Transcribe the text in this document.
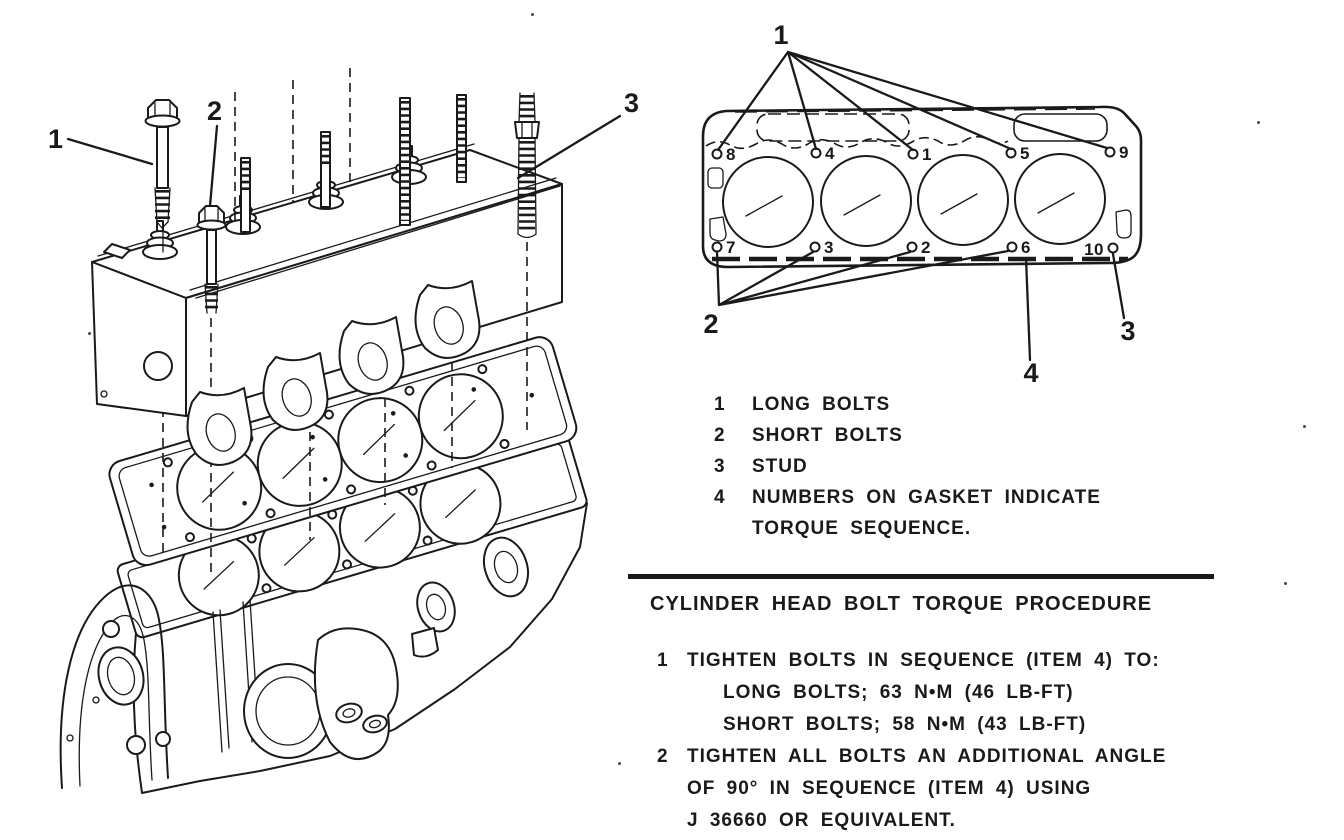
1
2	3
8	4	1	5	9
7	3	2	6	10
1
2
4
3
1 LONG BOLTS
2 SHORT BOLTS
3 STUD
4 NUMBERS ON GASKET INDICATE
TORQUE SEQUENCE.
CYLINDER HEAD BOLT TORQUE PROCEDURE
1 TIGHTEN BOLTS IN SEQUENCE (ITEM 4) TO:
LONG BOLTS; 63 N•M (46 LB-FT)
SHORT BOLTS; 58 N•M (43 LB-FT)
2 TIGHTEN ALL BOLTS AN ADDITIONAL ANGLE
OF 90° IN SEQUENCE (ITEM 4) USING
J 36660 OR EQUIVALENT.
